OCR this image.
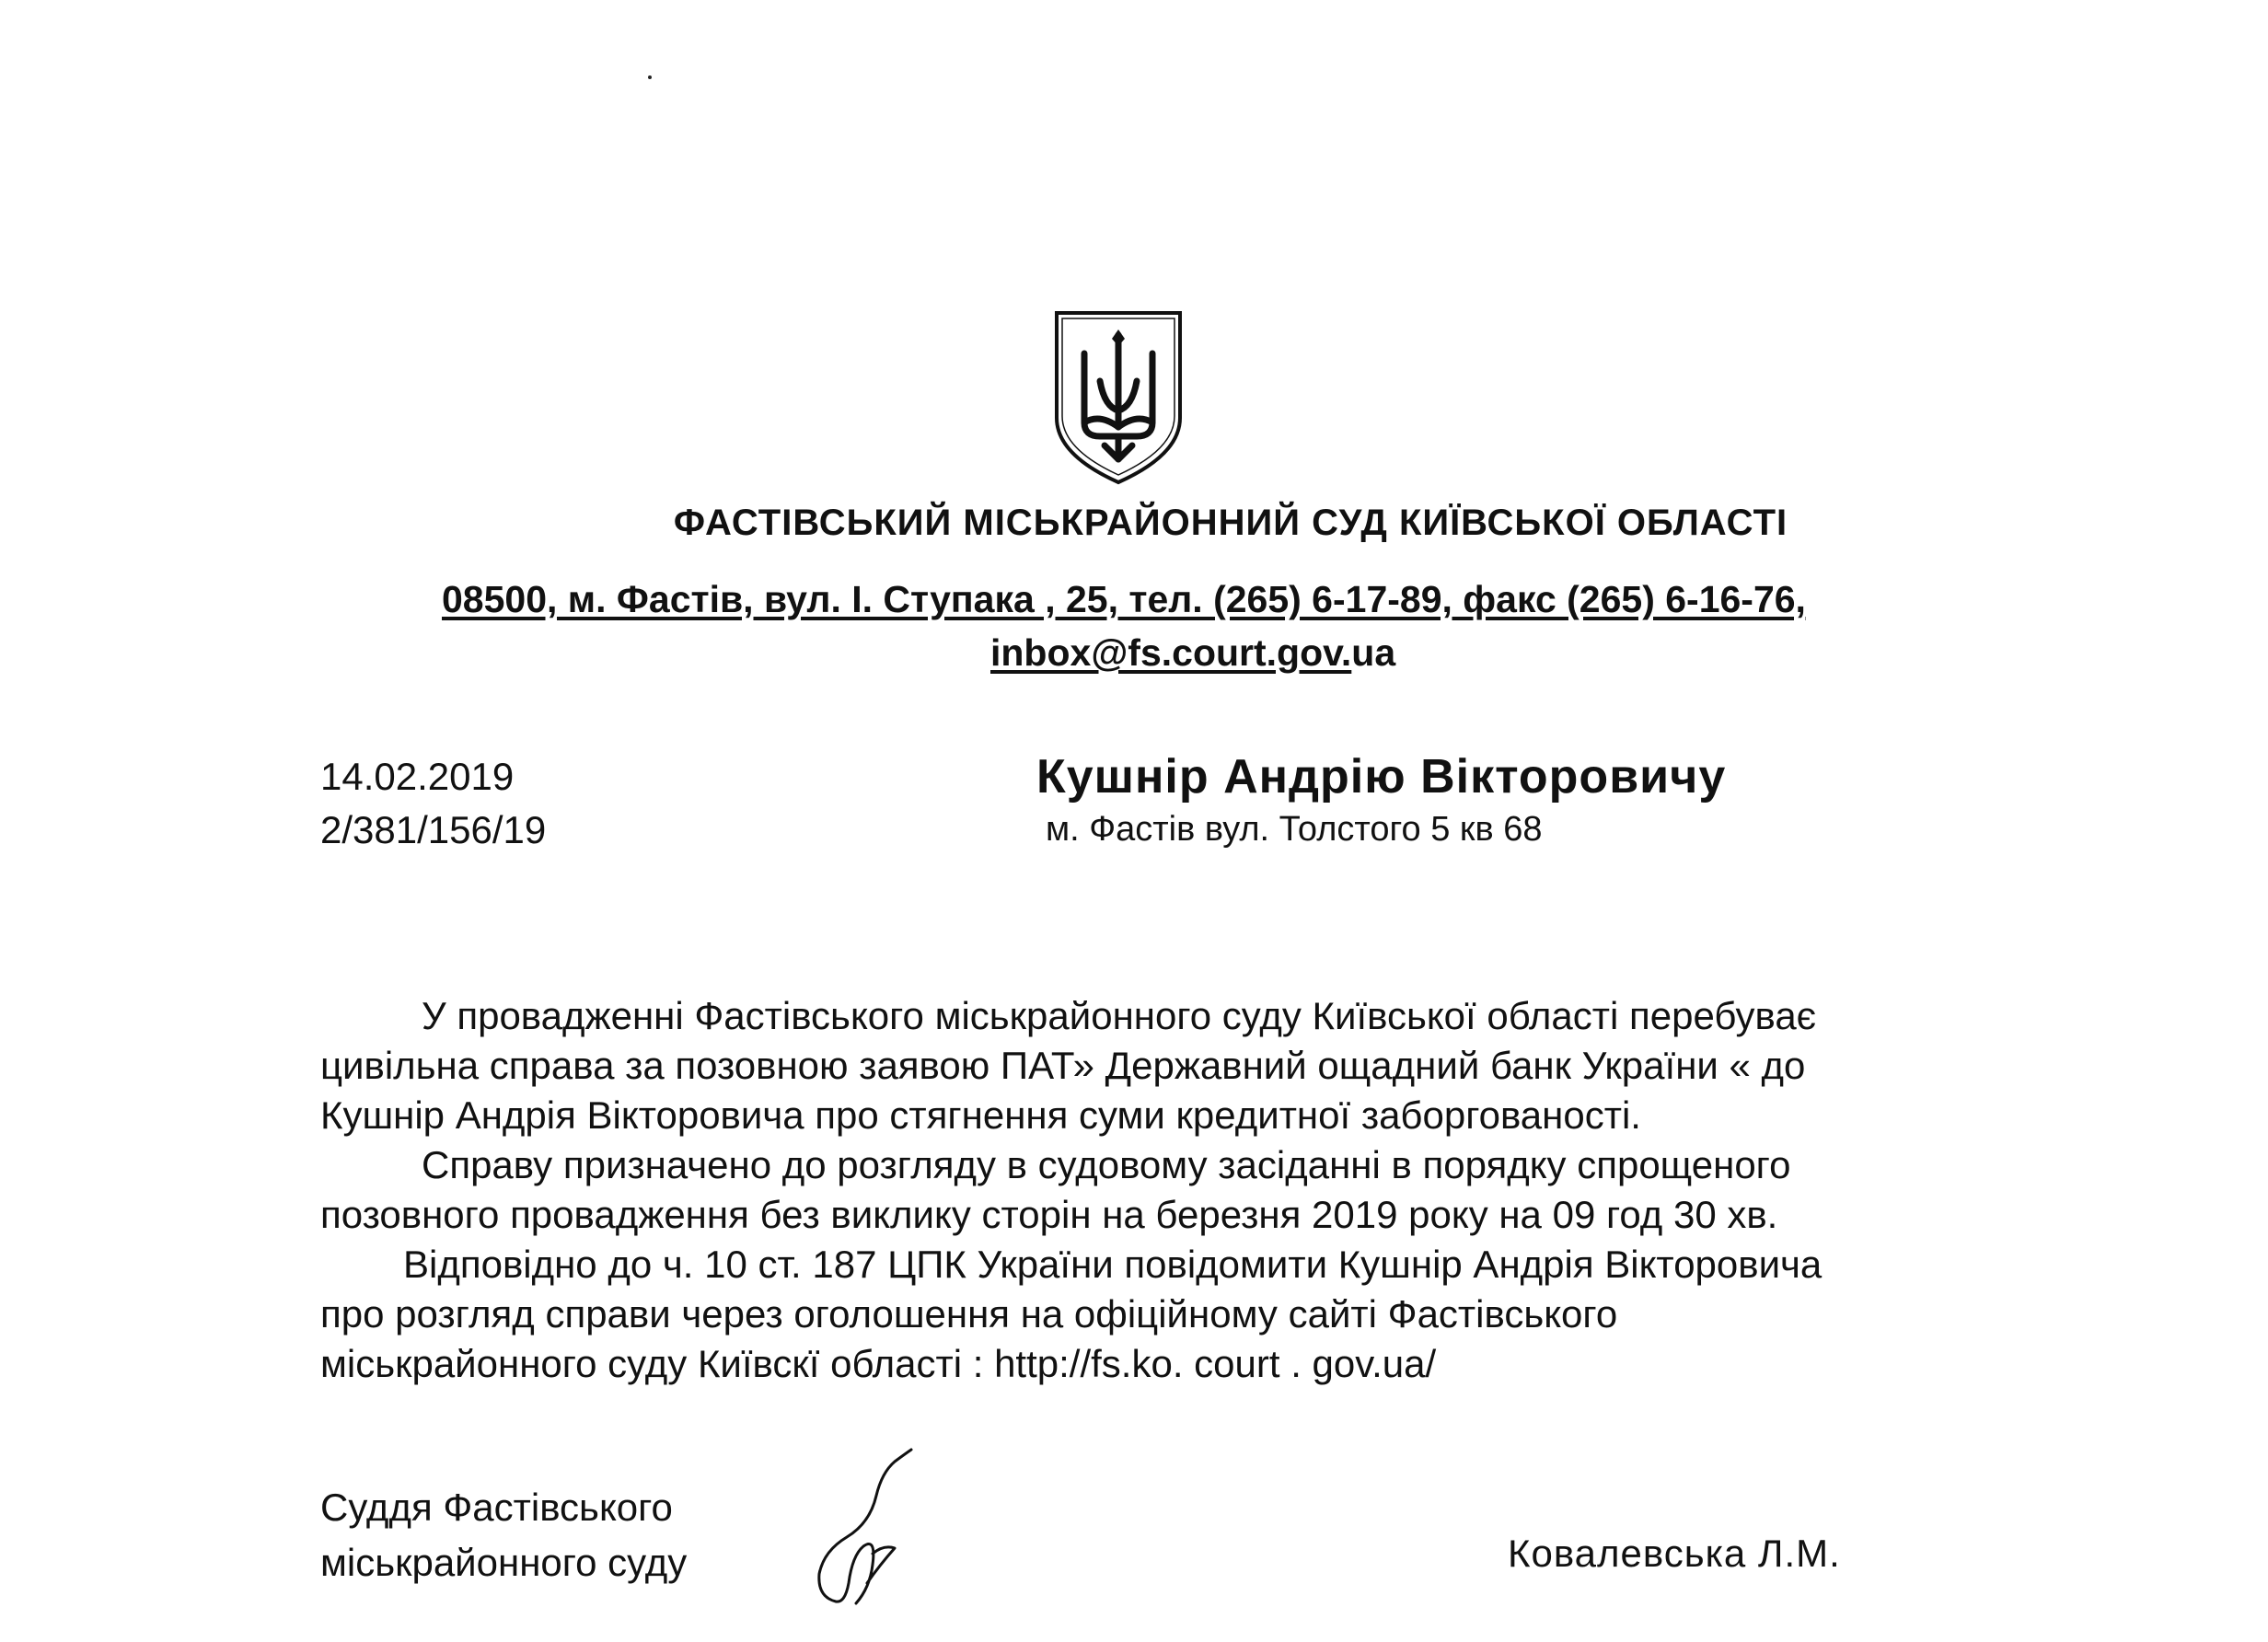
ФАСТІВСЬКИЙ МІСЬКРАЙОННИЙ СУД КИЇВСЬКОЇ ОБЛАСТІ
08500, м. Фастів, вул. І. Ступака , 25, тел. (265) 6-17-89, факс (265) 6-16-76,
inbox@fs.court.gov.ua
14.02.2019
2/381/156/19
Кушнір Андрію Вікторовичу
м. Фастів вул. Толстого 5 кв 68
У провадженні Фастівського міськрайонного суду Київської області перебуває
цивільна справа за позовною заявою ПАТ» Державний ощадний банк України « до
Кушнір Андрія Вікторовича про стягнення суми кредитної заборгованості.
Справу призначено до розгляду в судовому засіданні в порядку спрощеного
позовного провадження без виклику сторін на березня 2019 року на 09 год 30 хв.
Відповідно до ч. 10 ст. 187 ЦПК України повідомити Кушнір Андрія Вікторовича
про розгляд справи через оголошення на офіційному сайті Фастівського
міськрайонного суду Київскї області : http://fs.ko. court . gov.ua/
Суддя Фастівського
міськрайонного суду	Ковалевська Л.М.
